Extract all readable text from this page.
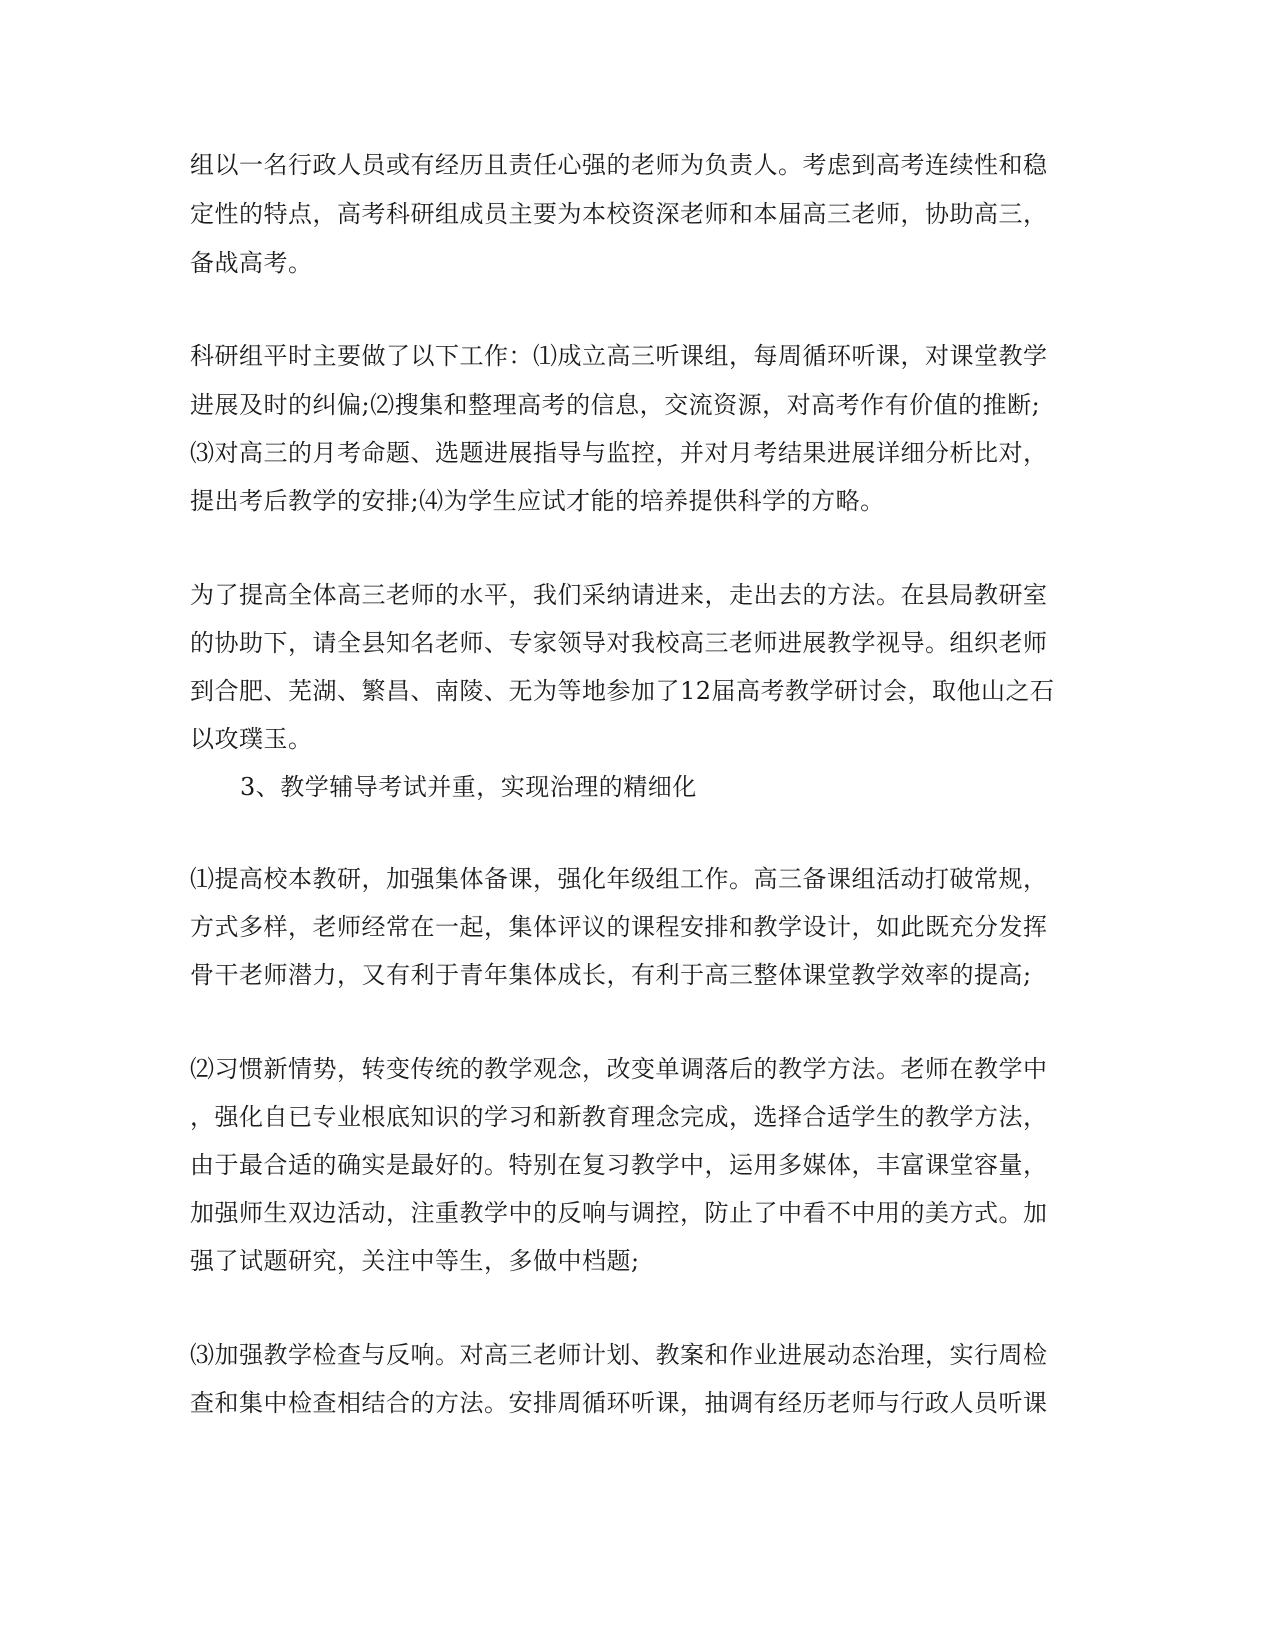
组以一名行政人员或有经历且责任心强的老师为负责人。考虑到高考连续性和稳
定性的特点，高考科研组成员主要为本校资深老师和本届高三老师，协助高三，
备战高考。
科研组平时主要做了以下工作：⑴成立高三听课组，每周循环听课，对课堂教学
进展及时的纠偏;⑵搜集和整理高考的信息，交流资源，对高考作有价值的推断;
⑶对高三的月考命题、选题进展指导与监控，并对月考结果进展详细分析比对，
提出考后教学的安排;⑷为学生应试才能的培养提供科学的方略。
为了提高全体高三老师的水平，我们采纳请进来，走出去的方法。在县局教研室
的协助下，请全县知名老师、专家领导对我校高三老师进展教学视导。组织老师
到合肥、芜湖、繁昌、南陵、无为等地参加了12届高考教学研讨会，取他山之石
以攻璞玉。
3、教学辅导考试并重，实现治理的精细化
⑴提高校本教研，加强集体备课，强化年级组工作。高三备课组活动打破常规，
方式多样，老师经常在一起，集体评议的课程安排和教学设计，如此既充分发挥
骨干老师潜力，又有利于青年集体成长，有利于高三整体课堂教学效率的提高;
⑵习惯新情势，转变传统的教学观念，改变单调落后的教学方法。老师在教学中
，强化自已专业根底知识的学习和新教育理念完成，选择合适学生的教学方法，
由于最合适的确实是最好的。特别在复习教学中，运用多媒体，丰富课堂容量，
加强师生双边活动，注重教学中的反响与调控，防止了中看不中用的美方式。加
强了试题研究，关注中等生，多做中档题;
⑶加强教学检查与反响。对高三老师计划、教案和作业进展动态治理，实行周检
查和集中检查相结合的方法。安排周循环听课，抽调有经历老师与行政人员听课
